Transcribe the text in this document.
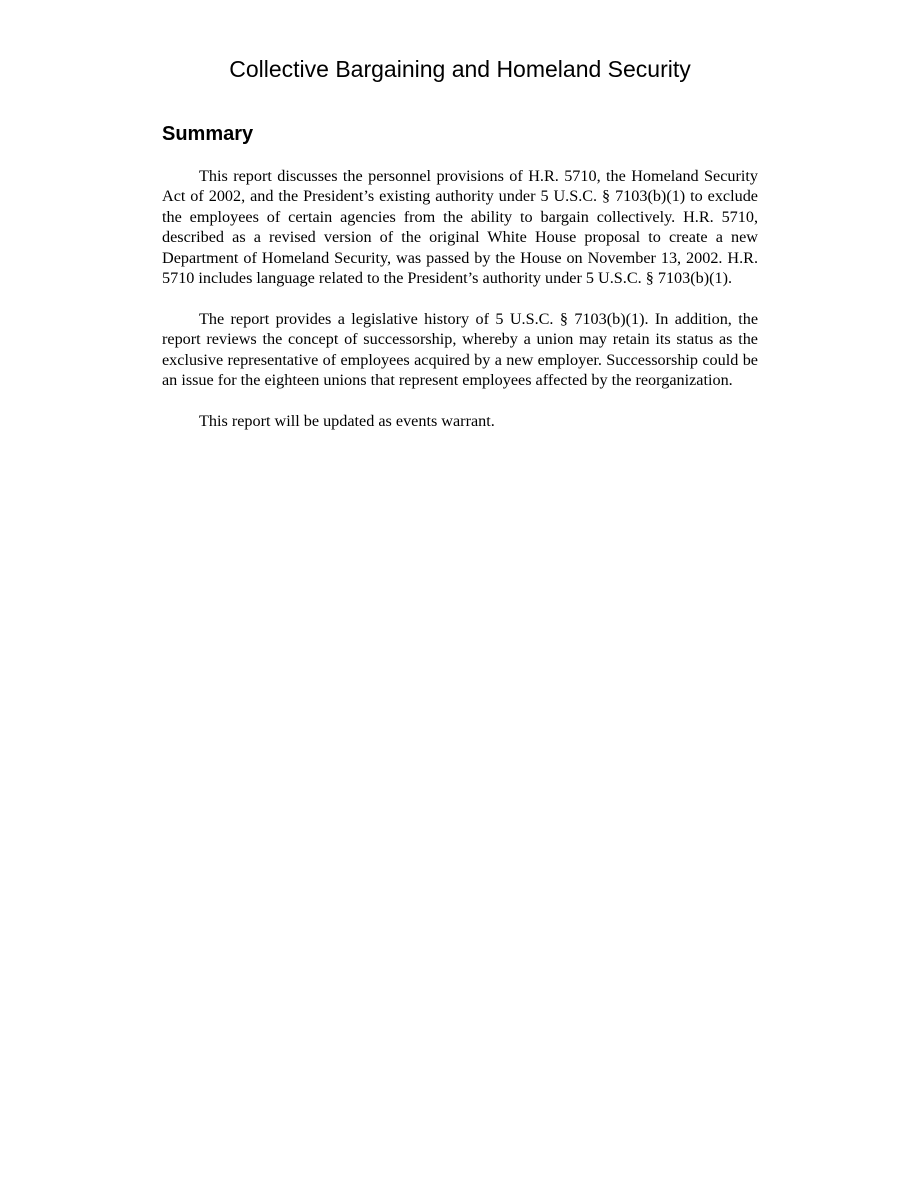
Collective Bargaining and Homeland Security
Summary

This report discusses the personnel provisions of H.R. 5710, the Homeland Security Act of 2002, and the President’s existing authority under 5 U.S.C. § 7103(b)(1) to exclude the employees of certain agencies from the ability to bargain collectively. H.R. 5710, described as a revised version of the original White House proposal to create a new Department of Homeland Security, was passed by the House on November 13, 2002. H.R. 5710 includes language related to the President’s authority under 5 U.S.C. § 7103(b)(1).

The report provides a legislative history of 5 U.S.C. § 7103(b)(1). In addition, the report reviews the concept of successorship, whereby a union may retain its status as the exclusive representative of employees acquired by a new employer. Successorship could be an issue for the eighteen unions that represent employees affected by the reorganization.

This report will be updated as events warrant.
